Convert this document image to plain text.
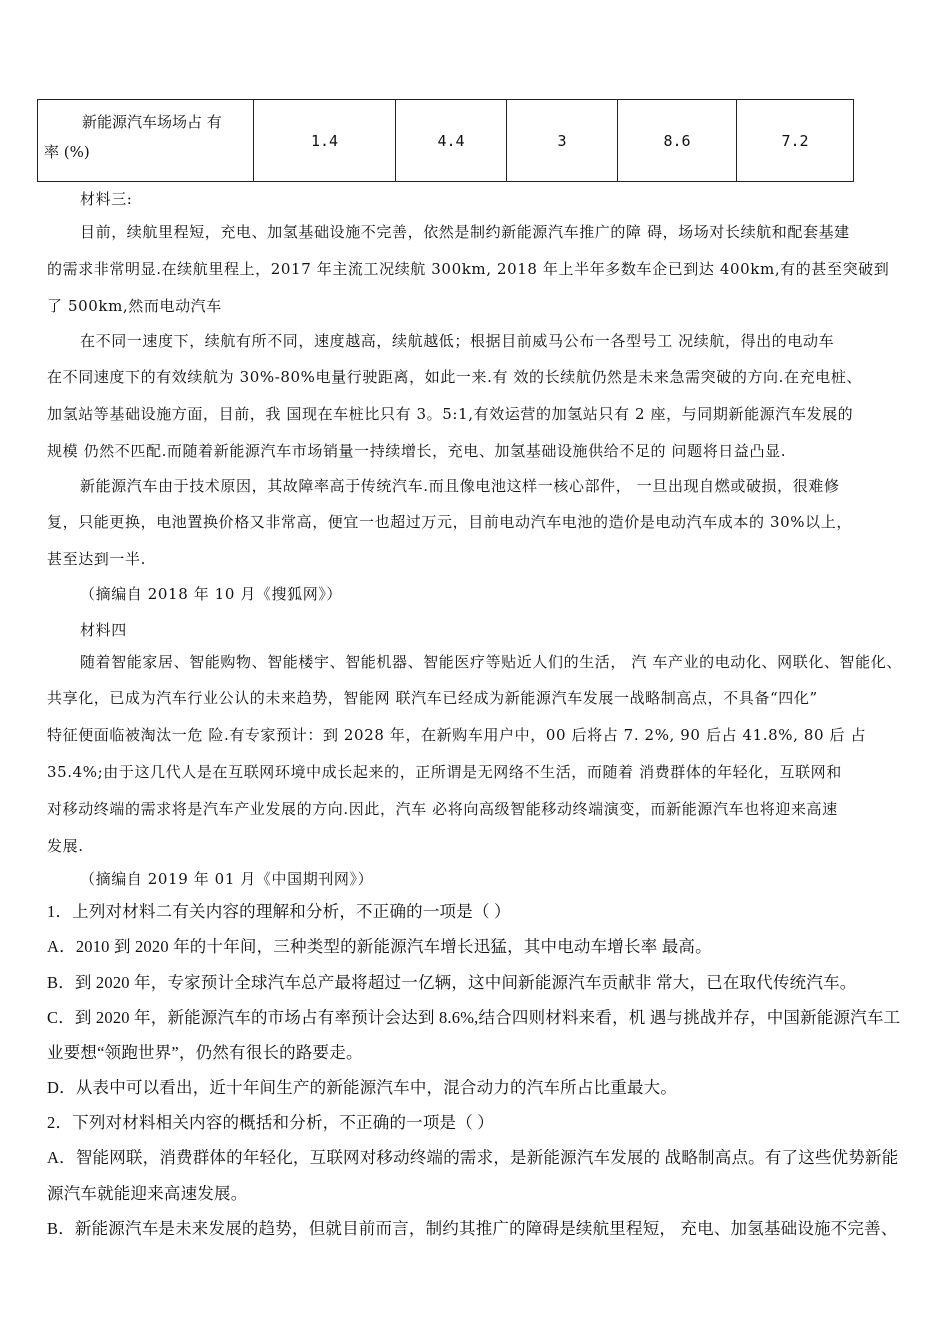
新能源汽车场场占 有
率 (%)
	1.4	4.4	3	8.6	7.2
材料三:
目前，续航里程短，充电、加氢基础设施不完善，依然是制约新能源汽车推广的障 碍，场场对长续航和配套基建
的需求非常明显.在续航里程上，2017 年主流工况续航 300km, 2018 年上半年多数车企已到达 400km,有的甚至突破到
了 500km,然而电动汽车
在不同一速度下，续航有所不同，速度越高，续航越低；根据目前威马公布一各型号工 况续航，得出的电动车
在不同速度下的有效续航为 30%-80%电量行驶距离，如此一来.有 效的长续航仍然是未来急需突破的方向.在充电桩、
加氢站等基础设施方面，目前，我 国现在车桩比只有 3。5:1,有效运营的加氢站只有 2 座，与同期新能源汽车发展的
规模 仍然不匹配.而随着新能源汽车市场销量一持续增长，充电、加氢基础设施供给不足的 问题将日益凸显.
新能源汽车由于技术原因，其故障率高于传统汽车.而且像电池这样一核心部件， 一旦出现自燃或破损，很难修
复，只能更换，电池置换价格又非常高，便宜一也超过万元，目前电动汽车电池的造价是电动汽车成本的 30%以上，
甚至达到一半.
（摘编自 2018 年 10 月《搜狐网》）
材料四
随着智能家居、智能购物、智能楼宇、智能机器、智能医疗等贴近人们的生活， 汽 车产业的电动化、网联化、智能化、
共享化，已成为汽车行业公认的未来趋势，智能网 联汽车已经成为新能源汽车发展一战略制高点，不具备“四化”
特征便面临被淘汰一危 险.有专家预计：到 2028 年，在新购车用户中，00 后将占 7. 2%, 90 后占 41.8%, 80 后 占
35.4%;由于这几代人是在互联网环境中成长起来的，正所谓是无网络不生活，而随着 消费群体的年轻化，互联网和
对移动终端的需求将是汽车产业发展的方向.因此，汽车 必将向高级智能移动终端演变，而新能源汽车也将迎来高速
发展.
（摘编自 2019 年 01 月《中国期刊网》）
1．上列对材料二有关内容的理解和分析，不正确的一项是（ ）
A．2010 到 2020 年的十年间，三种类型的新能源汽车增长迅猛，其中电动车增长率 最高。
B．到 2020 年，专家预计全球汽车总产最将超过一亿辆，这中间新能源汽车贡献非 常大，已在取代传统汽车。
C．到 2020 年，新能源汽车的市场占有率预计会达到 8.6%,结合四则材料来看，机 遇与挑战并存，中国新能源汽车工
业要想“领跑世界”，仍然有很长的路要走。
D．从表中可以看出，近十年间生产的新能源汽车中，混合动力的汽车所占比重最大。
2．下列对材料相关内容的概括和分析，不正确的一项是（ ）
A．智能网联，消费群体的年轻化，互联网对移动终端的需求，是新能源汽车发展的 战略制高点。有了这些优势新能
源汽车就能迎来高速发展。
B．新能源汽车是未来发展的趋势，但就目前而言，制约其推广的障碍是续航里程短， 充电、加氢基础设施不完善、
